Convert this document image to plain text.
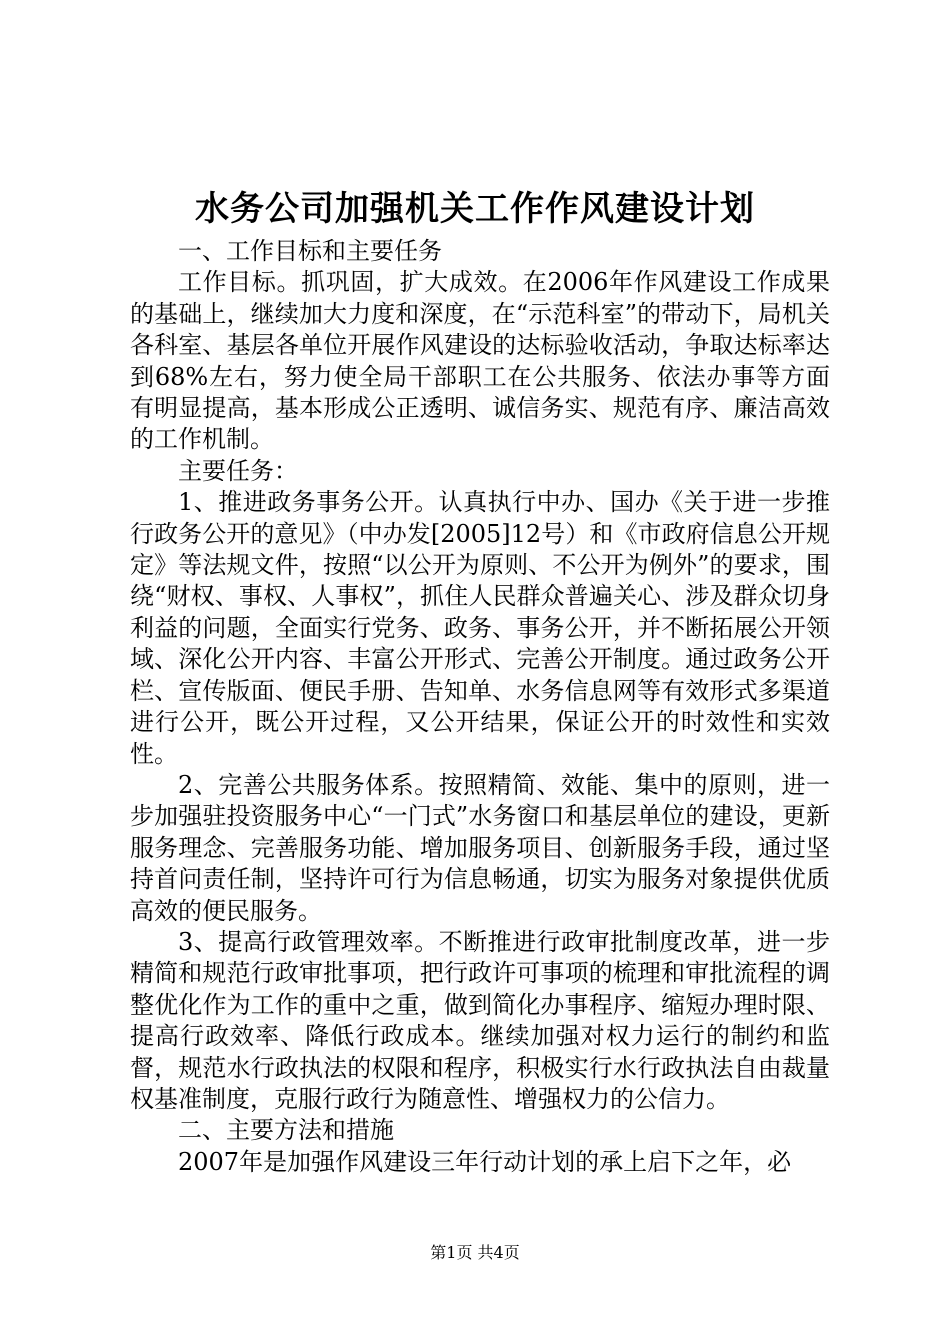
水务公司加强机关工作作风建设计划

一、工作目标和主要任务

工作目标。抓巩固，扩大成效。在2006年作风建设工作成果的基础上，继续加大力度和深度，在“示范科室”的带动下，局机关各科室、基层各单位开展作风建设的达标验收活动，争取达标率达到68%左右，努力使全局干部职工在公共服务、依法办事等方面有明显提高，基本形成公正透明、诚信务实、规范有序、廉洁高效的工作机制。

主要任务：

1、推进政务事务公开。认真执行中办、国办《关于进一步推行政务公开的意见》（中办发[2005]12号）和《市政府信息公开规定》等法规文件，按照“以公开为原则、不公开为例外”的要求，围绕“财权、事权、人事权”，抓住人民群众普遍关心、涉及群众切身利益的问题，全面实行党务、政务、事务公开，并不断拓展公开领域、深化公开内容、丰富公开形式、完善公开制度。通过政务公开栏、宣传版面、便民手册、告知单、水务信息网等有效形式多渠道进行公开，既公开过程，又公开结果，保证公开的时效性和实效性。

2、完善公共服务体系。按照精简、效能、集中的原则，进一步加强驻投资服务中心“一门式”水务窗口和基层单位的建设，更新服务理念、完善服务功能、增加服务项目、创新服务手段，通过坚持首问责任制，坚持许可行为信息畅通，切实为服务对象提供优质高效的便民服务。

3、提高行政管理效率。不断推进行政审批制度改革，进一步精简和规范行政审批事项，把行政许可事项的梳理和审批流程的调整优化作为工作的重中之重，做到简化办事程序、缩短办理时限、提高行政效率、降低行政成本。继续加强对权力运行的制约和监督，规范水行政执法的权限和程序，积极实行水行政执法自由裁量权基准制度，克服行政行为随意性、增强权力的公信力。

二、主要方法和措施

2007年是加强作风建设三年行动计划的承上启下之年，必

第1页 共4页
